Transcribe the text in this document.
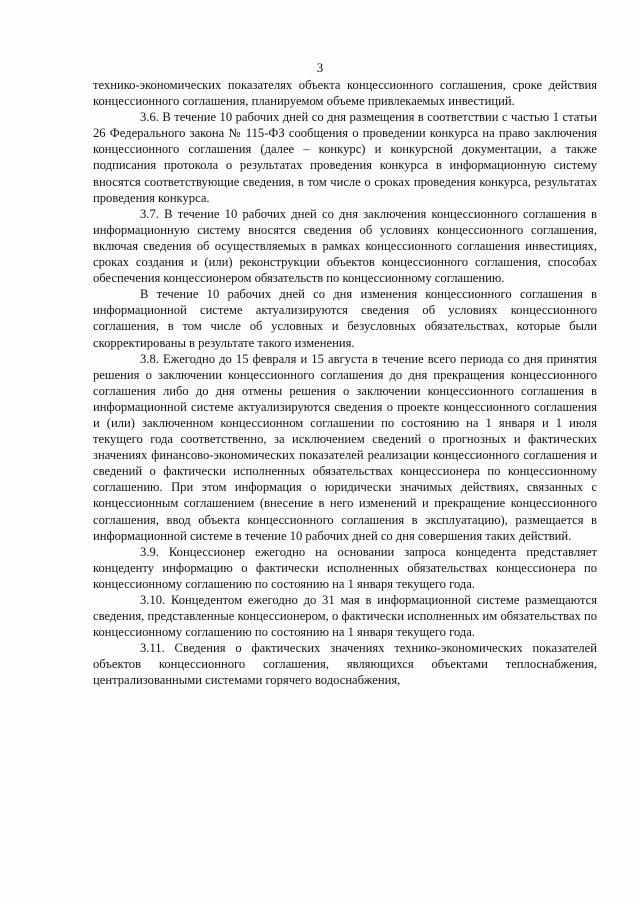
3

технико-экономических показателях объекта концессионного соглашения, сроке действия концессионного соглашения, планируемом объеме привлекаемых инвестиций.

3.6. В течение 10 рабочих дней со дня размещения в соответствии с частью 1 статьи 26 Федерального закона № 115-ФЗ сообщения о проведении конкурса на право заключения концессионного соглашения (далее – конкурс) и конкурсной документации, а также подписания протокола о результатах проведения конкурса в информационную систему вносятся соответствующие сведения, в том числе о сроках проведения конкурса, результатах проведения конкурса.

3.7. В течение 10 рабочих дней со дня заключения концессионного соглашения в информационную систему вносятся сведения об условиях концессионного соглашения, включая сведения об осуществляемых в рамках концессионного соглашения инвестициях, сроках создания и (или) реконструкции объектов концессионного соглашения, способах обеспечения концессионером обязательств по концессионному соглашению.

В течение 10 рабочих дней со дня изменения концессионного соглашения в информационной системе актуализируются сведения об условиях концессионного соглашения, в том числе об условных и безусловных обязательствах, которые были скорректированы в результате такого изменения.

3.8. Ежегодно до 15 февраля и 15 августа в течение всего периода со дня принятия решения о заключении концессионного соглашения до дня прекращения концессионного соглашения либо до дня отмены решения о заключении концессионного соглашения в информационной системе актуализируются сведения о проекте концессионного соглашения и (или) заключенном концессионном соглашении по состоянию на 1 января и 1 июля текущего года соответственно, за исключением сведений о прогнозных и фактических значениях финансово-экономических показателей реализации концессионного соглашения и сведений о фактически исполненных обязательствах концессионера по концессионному соглашению. При этом информация о юридически значимых действиях, связанных с концессионным соглашением (внесение в него изменений и прекращение концессионного соглашения, ввод объекта концессионного соглашения в эксплуатацию), размещается в информационной системе в течение 10 рабочих дней со дня совершения таких действий.

3.9. Концессионер ежегодно на основании запроса концедента представляет концеденту информацию о фактически исполненных обязательствах концессионера по концессионному соглашению по состоянию на 1 января текущего года.

3.10. Концедентом ежегодно до 31 мая в информационной системе размещаются сведения, представленные концессионером, о фактически исполненных им обязательствах по концессионному соглашению по состоянию на 1 января текущего года.

3.11. Сведения о фактических значениях технико-экономических показателей объектов концессионного соглашения, являющихся объектами теплоснабжения, централизованными системами горячего водоснабжения,
